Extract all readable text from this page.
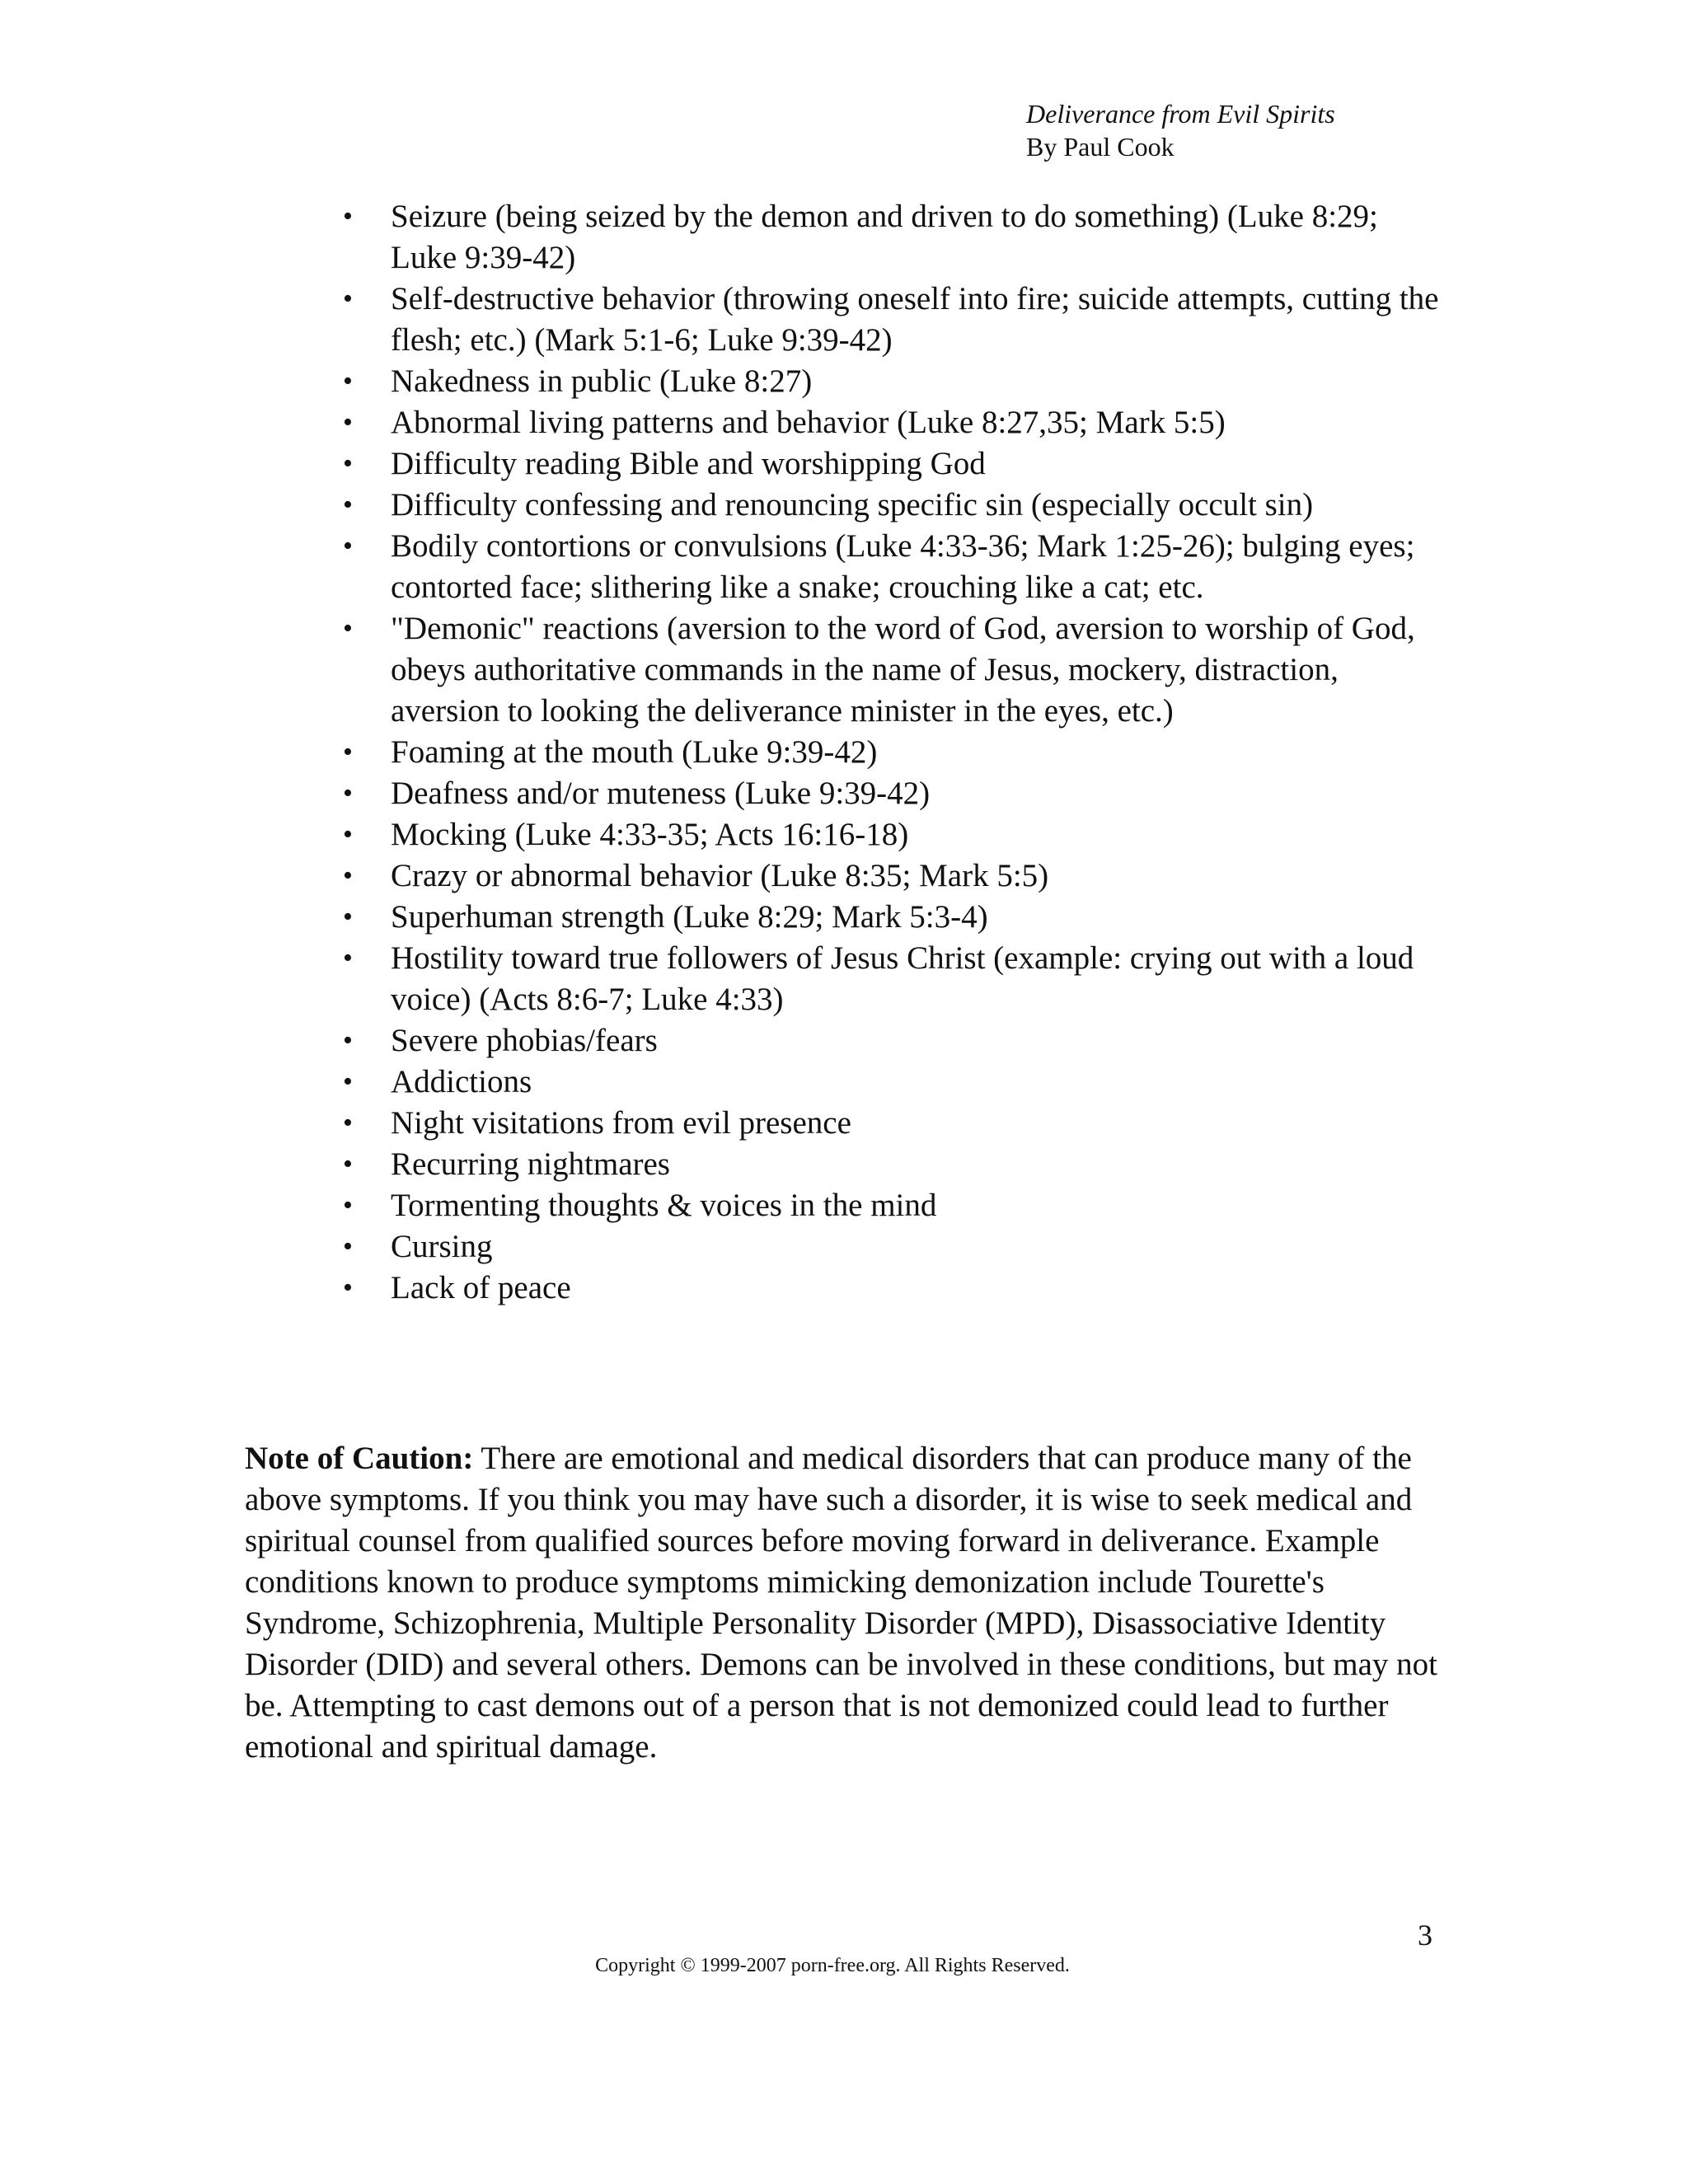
Deliverance from Evil Spirits
By Paul Cook
• Seizure (being seized by the demon and driven to do something) (Luke 8:29; Luke 9:39-42)
• Self-destructive behavior (throwing oneself into fire; suicide attempts, cutting the flesh; etc.) (Mark 5:1-6; Luke 9:39-42)
• Nakedness in public (Luke 8:27)
• Abnormal living patterns and behavior (Luke 8:27,35; Mark 5:5)
• Difficulty reading Bible and worshipping God
• Difficulty confessing and renouncing specific sin (especially occult sin)
• Bodily contortions or convulsions (Luke 4:33-36; Mark 1:25-26); bulging eyes; contorted face; slithering like a snake; crouching like a cat; etc.
• "Demonic" reactions (aversion to the word of God, aversion to worship of God, obeys authoritative commands in the name of Jesus, mockery, distraction, aversion to looking the deliverance minister in the eyes, etc.)
• Foaming at the mouth (Luke 9:39-42)
• Deafness and/or muteness (Luke 9:39-42)
• Mocking (Luke 4:33-35; Acts 16:16-18)
• Crazy or abnormal behavior (Luke 8:35; Mark 5:5)
• Superhuman strength (Luke 8:29; Mark 5:3-4)
• Hostility toward true followers of Jesus Christ (example: crying out with a loud voice) (Acts 8:6-7; Luke 4:33)
• Severe phobias/fears
• Addictions
• Night visitations from evil presence
• Recurring nightmares
• Tormenting thoughts & voices in the mind
• Cursing
• Lack of peace

Note of Caution: There are emotional and medical disorders that can produce many of the above symptoms. If you think you may have such a disorder, it is wise to seek medical and spiritual counsel from qualified sources before moving forward in deliverance. Example conditions known to produce symptoms mimicking demonization include Tourette's Syndrome, Schizophrenia, Multiple Personality Disorder (MPD), Disassociative Identity Disorder (DID) and several others. Demons can be involved in these conditions, but may not be. Attempting to cast demons out of a person that is not demonized could lead to further emotional and spiritual damage.

3
Copyright © 1999-2007 porn-free.org. All Rights Reserved.
